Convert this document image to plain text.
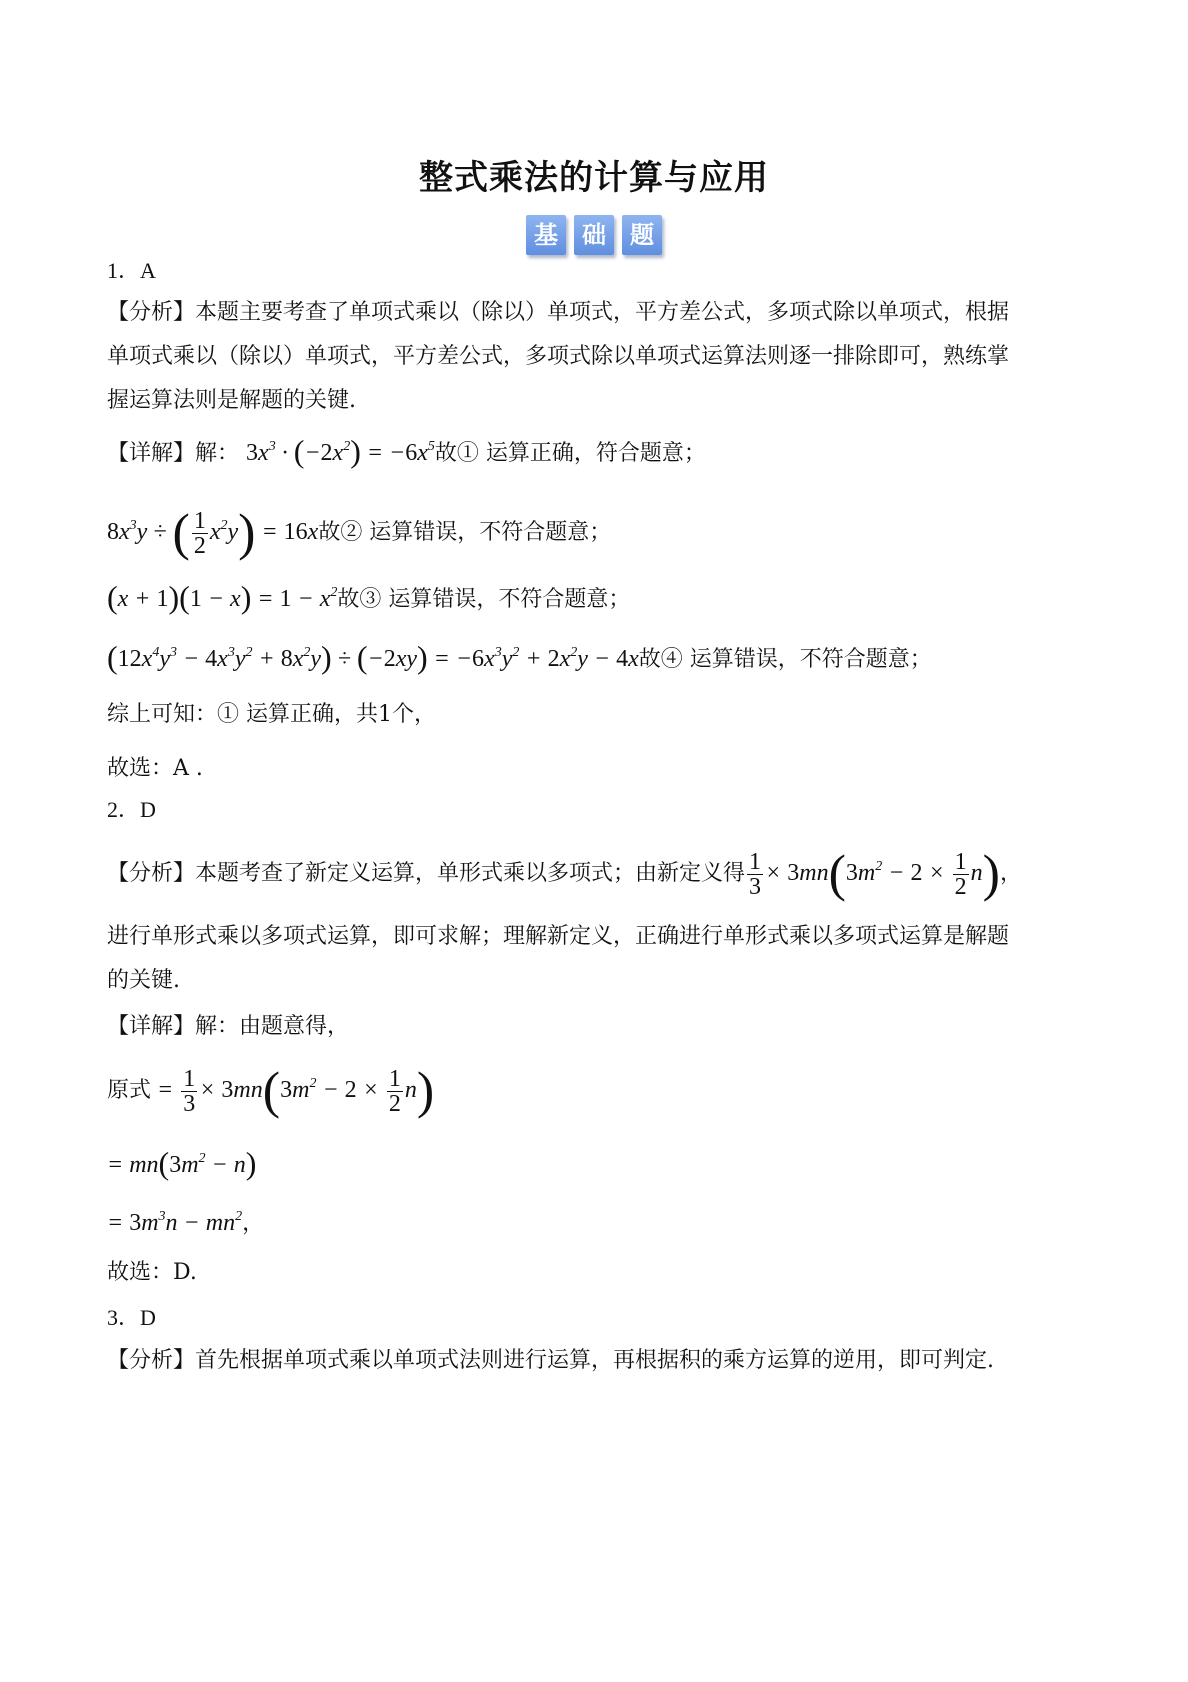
整式乘法的计算与应用
基 础 题
1．A
【分析】本题主要考查了单项式乘以（除以）单项式，平方差公式，多项式除以单项式，根据
单项式乘以（除以）单项式，平方差公式，多项式除以单项式运算法则逐一排除即可，熟练掌
握运算法则是解题的关键.
【详解】解： $3x^3 \cdot (-2x^2) = -6x^5$故① 运算正确，符合题意；
$8x^3y$ ÷ ( $\frac{1}{2} x^2y) = 16x$故② 运算错误，不符合题意；
$(x + 1)(1 - x) = 1 - x^2$故③ 运算错误，不符合题意；
$(12x^4y^3 - 4x^3y^2 + 8x^2y) \div (-2xy) = -6x^3y^2 + 2x^2y - 4x$故④ 运算错误，不符合题意；
综上可知：① 运算正确，共1个，
故选：A .
2．D
【分析】本题考查了新定义运算，单形式乘以多项式；由新定义得 $\frac{1}{3} \times 3mn(3m^2 - 2 \times \frac{1}{2} n)$，
进行单形式乘以多项式运算，即可求解；理解新定义，正确进行单形式乘以多项式运算是解题
的关键.
【详解】解：由题意得，
原式 = $\frac{1}{3} \times 3mn(3m^2 - 2 \times \frac{1}{2} n)$
= $mn(3m^2 - n)$
= $3m^3n - mn^2$，
故选：D.
3．D
【分析】首先根据单项式乘以单项式法则进行运算，再根据积的乘方运算的逆用，即可判定.
